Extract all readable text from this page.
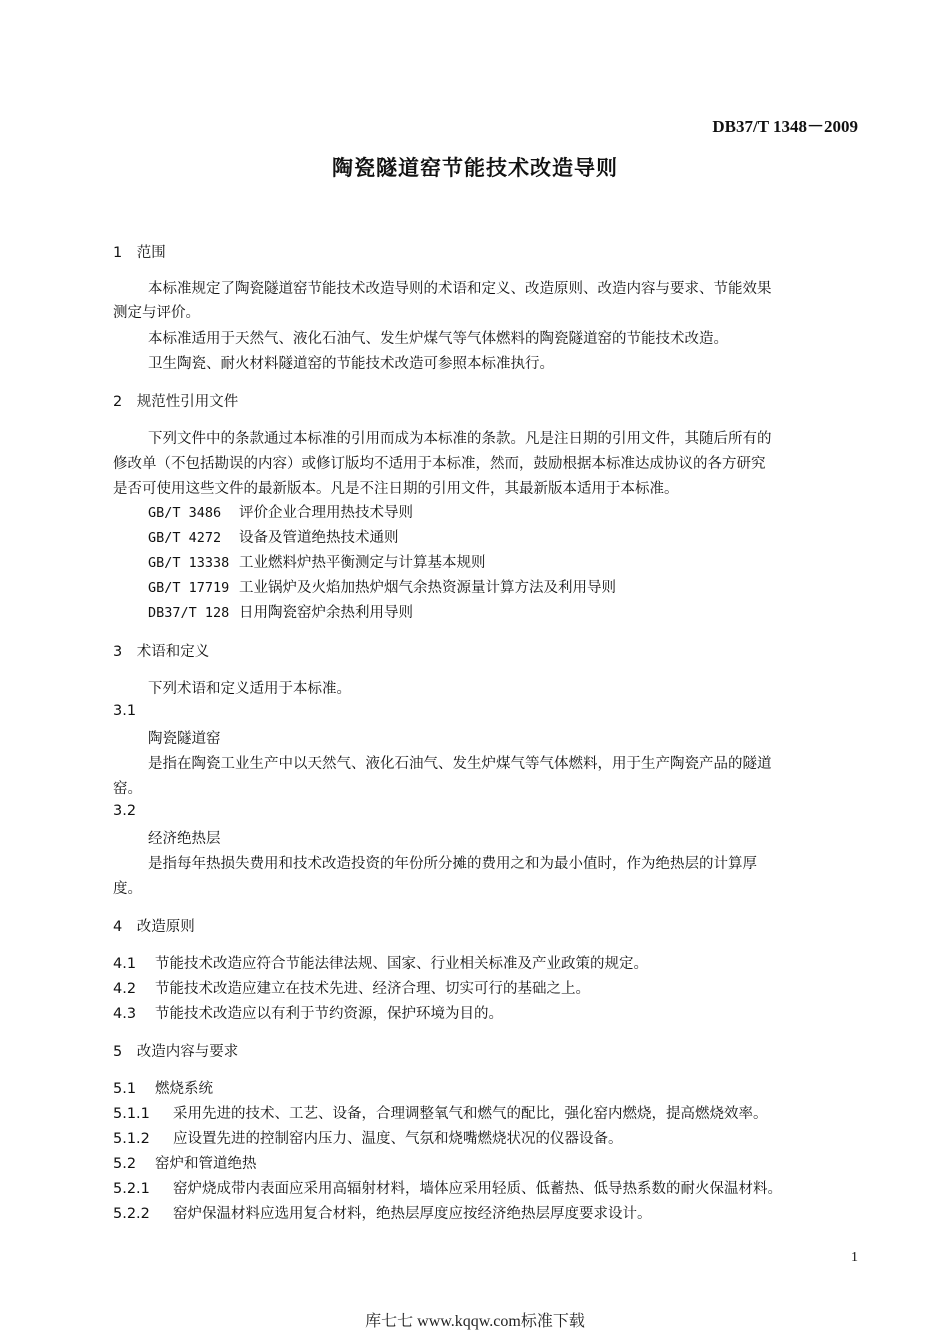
DB37/T 1348－2009
陶瓷隧道窑节能技术改造导则
1　范围
本标准规定了陶瓷隧道窑节能技术改造导则的术语和定义、改造原则、改造内容与要求、节能效果
测定与评价。
本标准适用于天然气、液化石油气、发生炉煤气等气体燃料的陶瓷隧道窑的节能技术改造。
卫生陶瓷、耐火材料隧道窑的节能技术改造可参照本标准执行。
2　规范性引用文件
下列文件中的条款通过本标准的引用而成为本标准的条款。凡是注日期的引用文件，其随后所有的
修改单（不包括勘误的内容）或修订版均不适用于本标准，然而，鼓励根据本标准达成协议的各方研究
是否可使用这些文件的最新版本。凡是不注日期的引用文件，其最新版本适用于本标准。
GB/T 3486 评价企业合理用热技术导则
GB/T 4272 设备及管道绝热技术通则
GB/T 13338 工业燃料炉热平衡测定与计算基本规则
GB/T 17719 工业锅炉及火焰加热炉烟气余热资源量计算方法及利用导则
DB37/T 128 日用陶瓷窑炉余热利用导则
3　术语和定义
下列术语和定义适用于本标准。
3.1
陶瓷隧道窑
是指在陶瓷工业生产中以天然气、液化石油气、发生炉煤气等气体燃料，用于生产陶瓷产品的隧道
窑。
3.2
经济绝热层
是指每年热损失费用和技术改造投资的年份所分摊的费用之和为最小值时，作为绝热层的计算厚
度。
4　改造原则
4.1 节能技术改造应符合节能法律法规、国家、行业相关标准及产业政策的规定。
4.2 节能技术改造应建立在技术先进、经济合理、切实可行的基础之上。
4.3 节能技术改造应以有利于节约资源，保护环境为目的。
5　改造内容与要求
5.1 燃烧系统
5.1.1 采用先进的技术、工艺、设备，合理调整氧气和燃气的配比，强化窑内燃烧，提高燃烧效率。
5.1.2 应设置先进的控制窑内压力、温度、气氛和烧嘴燃烧状况的仪器设备。
5.2 窑炉和管道绝热
5.2.1 窑炉烧成带内表面应采用高辐射材料，墙体应采用轻质、低蓄热、低导热系数的耐火保温材料。
5.2.2 窑炉保温材料应选用复合材料，绝热层厚度应按经济绝热层厚度要求设计。
1
库七七 www.kqqw.com标准下载
